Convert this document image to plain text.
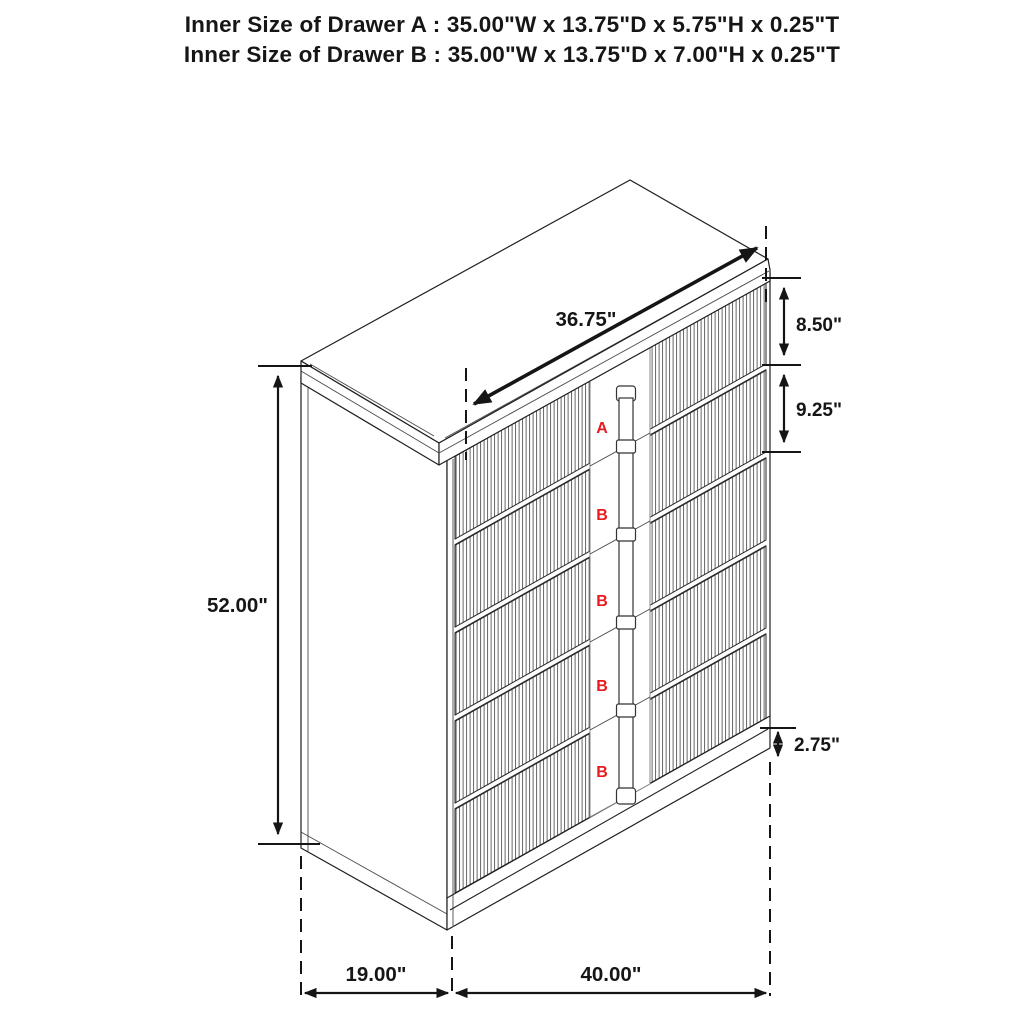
Inner Size of Drawer A : 35.00"W x 13.75"D x 5.75"H x 0.25"T
Inner Size of Drawer B : 35.00"W x 13.75"D x 7.00"H x 0.25"T
A
B
B
B
B
36.75"	8.50"
9.25"
52.00"
2.75"
19.00"	40.00"
